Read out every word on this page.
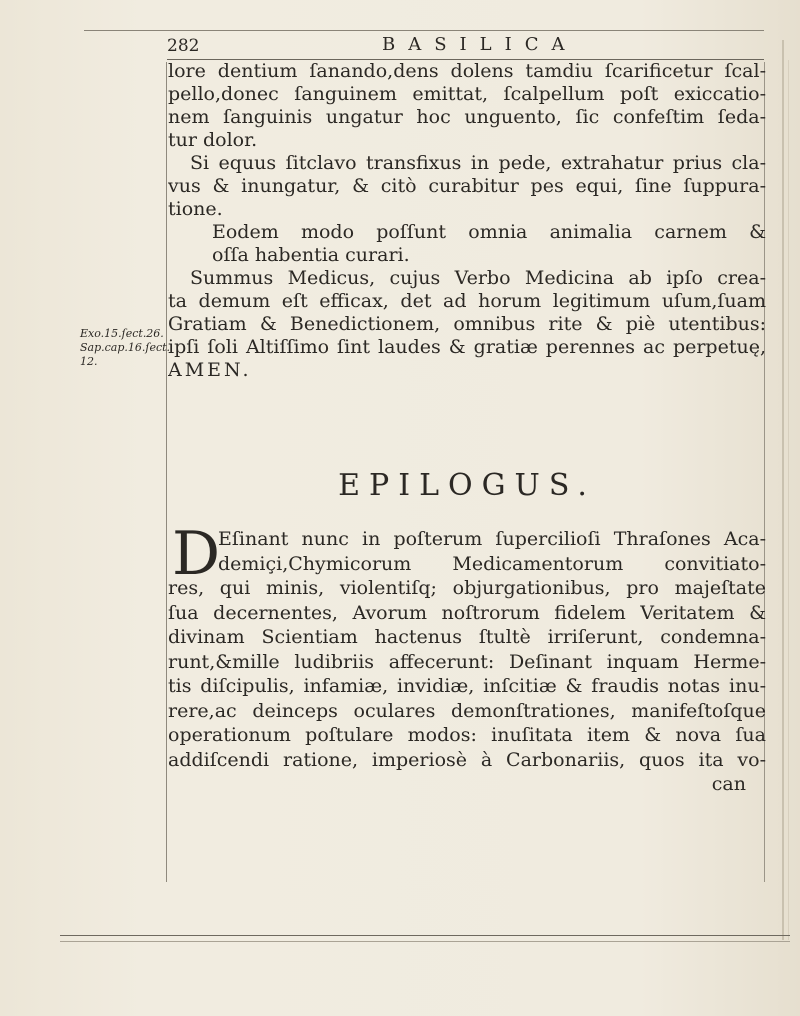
282	BASILICA
Exo.15.ſect.26.
Sap.cap.16.ſect.
12.
lore dentium ſanando,dens dolens tamdiu ſcarificetur ſcal-
pello,donec ſanguinem emittat, ſcalpellum poſt exiccatio-
nem ſanguinis ungatur hoc unguento, ſic confeſtim ſeda-
tur dolor.
Si equus ſitclavo transfixus in pede, extrahatur prius cla-
vus & inungatur, & citò curabitur pes equi, ſine ſuppura-
tione.
Eodem modo poſſunt omnia animalia carnem &
oſſa habentia curari.
Summus Medicus, cujus Verbo Medicina ab ipſo crea-
ta demum eſt efficax, det ad horum legitimum uſum,ſuam
Gratiam & Benedictionem, omnibus rite & piè utentibus:
ipſi ſoli Altiſſimo ſint laudes & gratiæ perennes ac perpetuę,
AMEN.
EPILOGUS.
D
Eſinant nunc in poſterum ſupercilioſi Thraſones Aca-
demiçi,Chymicorum Medicamentorum convitiato-
res, qui minis, violentiſq; objurgationibus, pro majeſtate
ſua decernentes, Avorum noſtrorum fidelem Veritatem &
divinam Scientiam hactenus ſtultè irriſerunt, condemna-
runt,&mille ludibriis affecerunt: Deſinant inquam Herme-
tis diſcipulis, infamiæ, invidiæ, inſcitiæ & fraudis notas inu-
rere,ac deinceps oculares demonſtrationes, manifeſtoſque
operationum poſtulare modos: inuſitata item & nova ſua
addiſcendi ratione, imperiosè à Carbonariis, quos ita vo-
can
